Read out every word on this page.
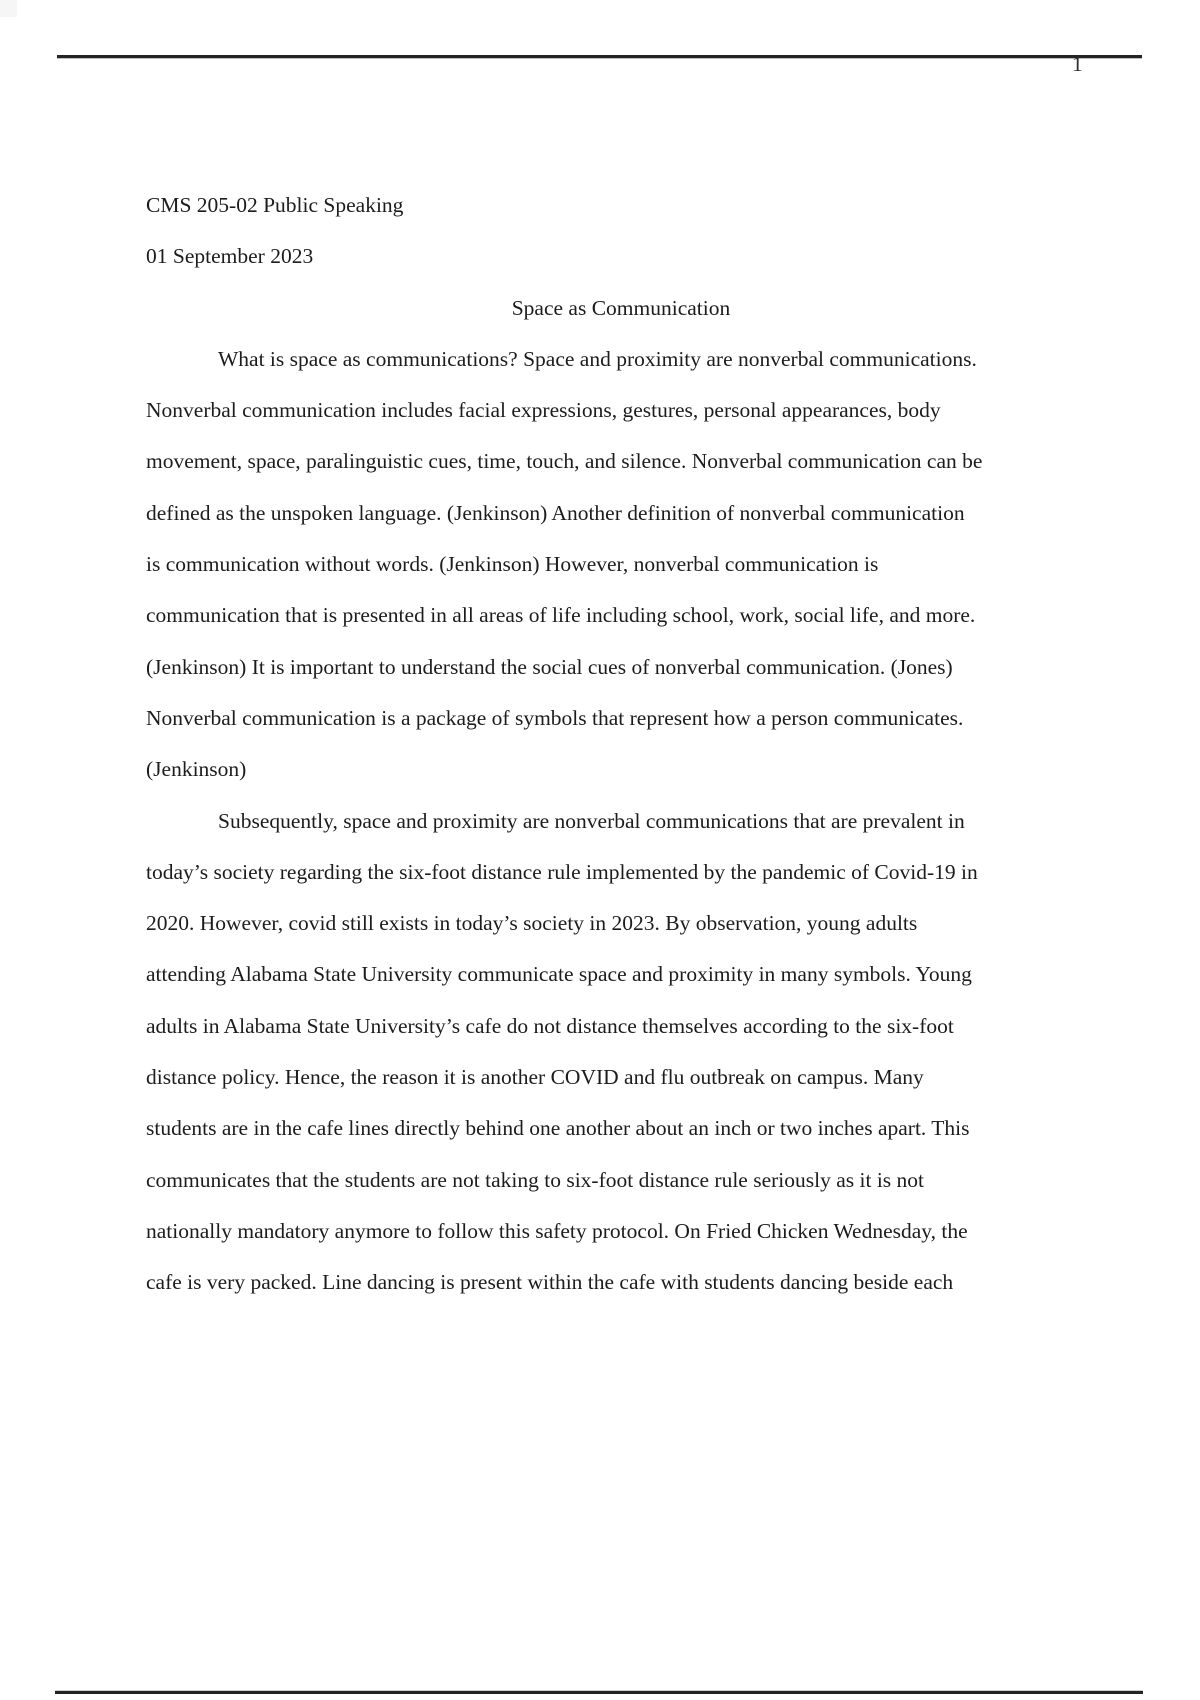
1
CMS 205-02 Public Speaking
01 September 2023
Space as Communication
What is space as communications? Space and proximity are nonverbal communications.
Nonverbal communication includes facial expressions, gestures, personal appearances, body
movement, space, paralinguistic cues, time, touch, and silence. Nonverbal communication can be
defined as the unspoken language. (Jenkinson) Another definition of nonverbal communication
is communication without words. (Jenkinson) However, nonverbal communication is
communication that is presented in all areas of life including school, work, social life, and more.
(Jenkinson) It is important to understand the social cues of nonverbal communication. (Jones)
Nonverbal communication is a package of symbols that represent how a person communicates.
(Jenkinson)
Subsequently, space and proximity are nonverbal communications that are prevalent in
today’s society regarding the six-foot distance rule implemented by the pandemic of Covid-19 in
2020. However, covid still exists in today’s society in 2023. By observation, young adults
attending Alabama State University communicate space and proximity in many symbols. Young
adults in Alabama State University’s cafe do not distance themselves according to the six-foot
distance policy. Hence, the reason it is another COVID and flu outbreak on campus. Many
students are in the cafe lines directly behind one another about an inch or two inches apart. This
communicates that the students are not taking to six-foot distance rule seriously as it is not
nationally mandatory anymore to follow this safety protocol. On Fried Chicken Wednesday, the
cafe is very packed. Line dancing is present within the cafe with students dancing beside each
